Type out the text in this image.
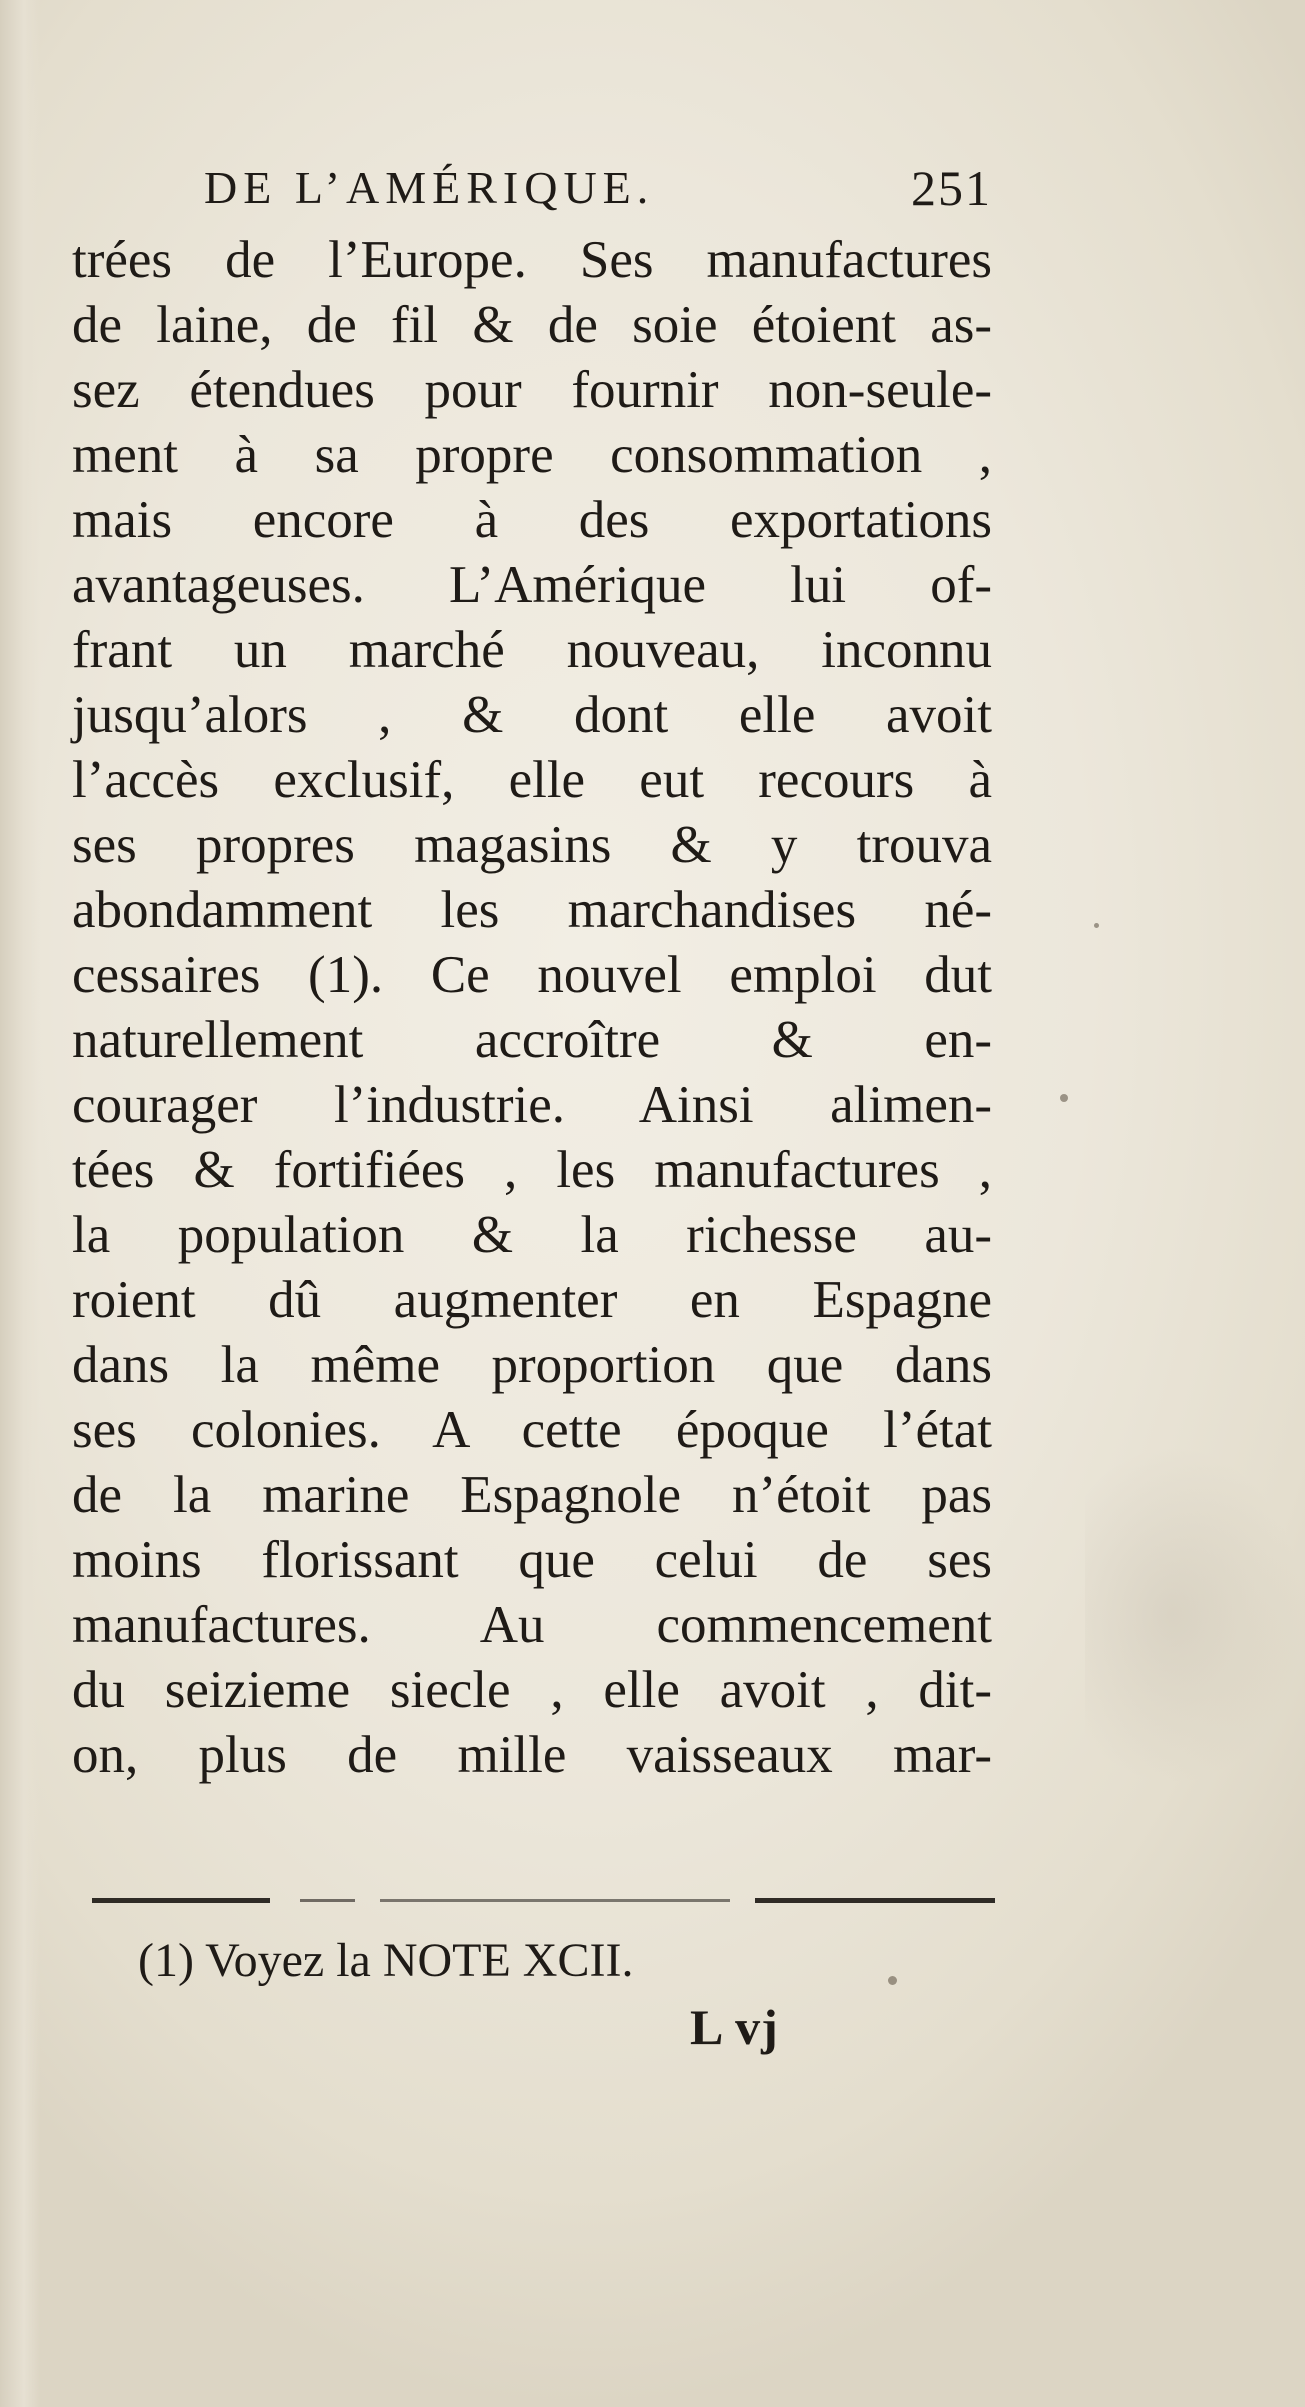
DE L’AMÉRIQUE.	251
trées de l’Europe. Ses manufactures
de laine, de fil & de soie étoient as-
sez étendues pour fournir non-seule-
ment à sa propre consommation ,
mais encore à des exportations
avantageuses. L’Amérique lui of-
frant un marché nouveau, inconnu
jusqu’alors , & dont elle avoit
l’accès exclusif, elle eut recours à
ses propres magasins & y trouva
abondamment les marchandises né-
cessaires (1). Ce nouvel emploi dut
naturellement accroître & en-
courager l’industrie. Ainsi alimen-
tées & fortifiées , les manufactures ,
la population & la richesse au-
roient dû augmenter en Espagne
dans la même proportion que dans
ses colonies. A cette époque l’état
de la marine Espagnole n’étoit pas
moins florissant que celui de ses
manufactures. Au commencement
du seizieme siecle , elle avoit , dit-
on, plus de mille vaisseaux mar-
(1) Voyez la NOTE XCII.
L vj
